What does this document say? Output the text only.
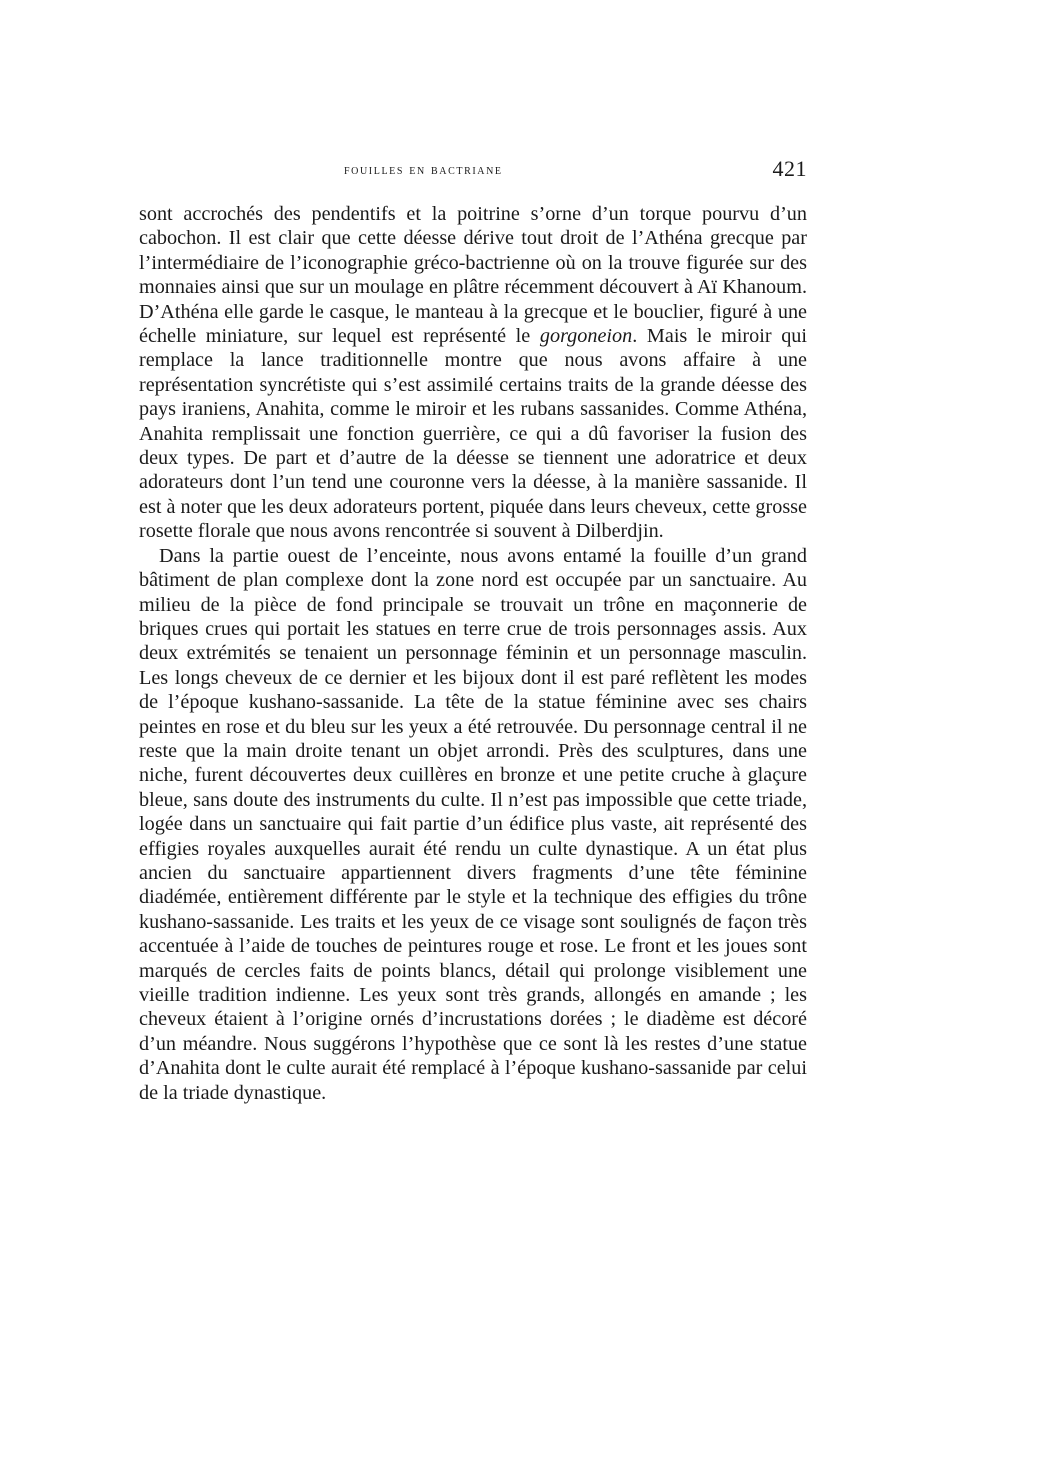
fouilles en bactriane	421

sont accrochés des pendentifs et la poitrine s’orne d’un torque pourvu d’un cabochon. Il est clair que cette déesse dérive tout droit de l’Athéna grecque par l’intermédiaire de l’iconographie gréco-bactrienne où on la trouve figurée sur des monnaies ainsi que sur un moulage en plâtre récemment découvert à Aï Khanoum. D’Athéna elle garde le casque, le manteau à la grecque et le bouclier, figuré à une échelle miniature, sur lequel est représenté le gorgoneion. Mais le miroir qui remplace la lance traditionnelle montre que nous avons affaire à une représentation syncrétiste qui s’est assimilé certains traits de la grande déesse des pays iraniens, Anahita, comme le miroir et les rubans sassanides. Comme Athéna, Anahita remplissait une fonction guerrière, ce qui a dû favoriser la fusion des deux types. De part et d’autre de la déesse se tiennent une adoratrice et deux adorateurs dont l’un tend une couronne vers la déesse, à la manière sassanide. Il est à noter que les deux adorateurs portent, piquée dans leurs cheveux, cette grosse rosette florale que nous avons rencontrée si souvent à Dilberdjin.

Dans la partie ouest de l’enceinte, nous avons entamé la fouille d’un grand bâtiment de plan complexe dont la zone nord est occupée par un sanctuaire. Au milieu de la pièce de fond principale se trouvait un trône en maçonnerie de briques crues qui portait les statues en terre crue de trois personnages assis. Aux deux extrémités se tenaient un personnage féminin et un personnage masculin. Les longs cheveux de ce dernier et les bijoux dont il est paré reflètent les modes de l’époque kushano-sassanide. La tête de la statue féminine avec ses chairs peintes en rose et du bleu sur les yeux a été retrouvée. Du personnage central il ne reste que la main droite tenant un objet arrondi. Près des sculptures, dans une niche, furent découvertes deux cuillères en bronze et une petite cruche à glaçure bleue, sans doute des instruments du culte. Il n’est pas impossible que cette triade, logée dans un sanctuaire qui fait partie d’un édifice plus vaste, ait représenté des effigies royales auxquelles aurait été rendu un culte dynastique. A un état plus ancien du sanctuaire appartiennent divers fragments d’une tête féminine diadémée, entièrement différente par le style et la technique des effigies du trône kushano-sassanide. Les traits et les yeux de ce visage sont soulignés de façon très accentuée à l’aide de touches de peintures rouge et rose. Le front et les joues sont marqués de cercles faits de points blancs, détail qui prolonge visiblement une vieille tradition indienne. Les yeux sont très grands, allongés en amande ; les cheveux étaient à l’origine ornés d’incrustations dorées ; le diadème est décoré d’un méandre. Nous suggérons l’hypothèse que ce sont là les restes d’une statue d’Anahita dont le culte aurait été remplacé à l’époque kushano-sassanide par celui de la triade dynastique.
